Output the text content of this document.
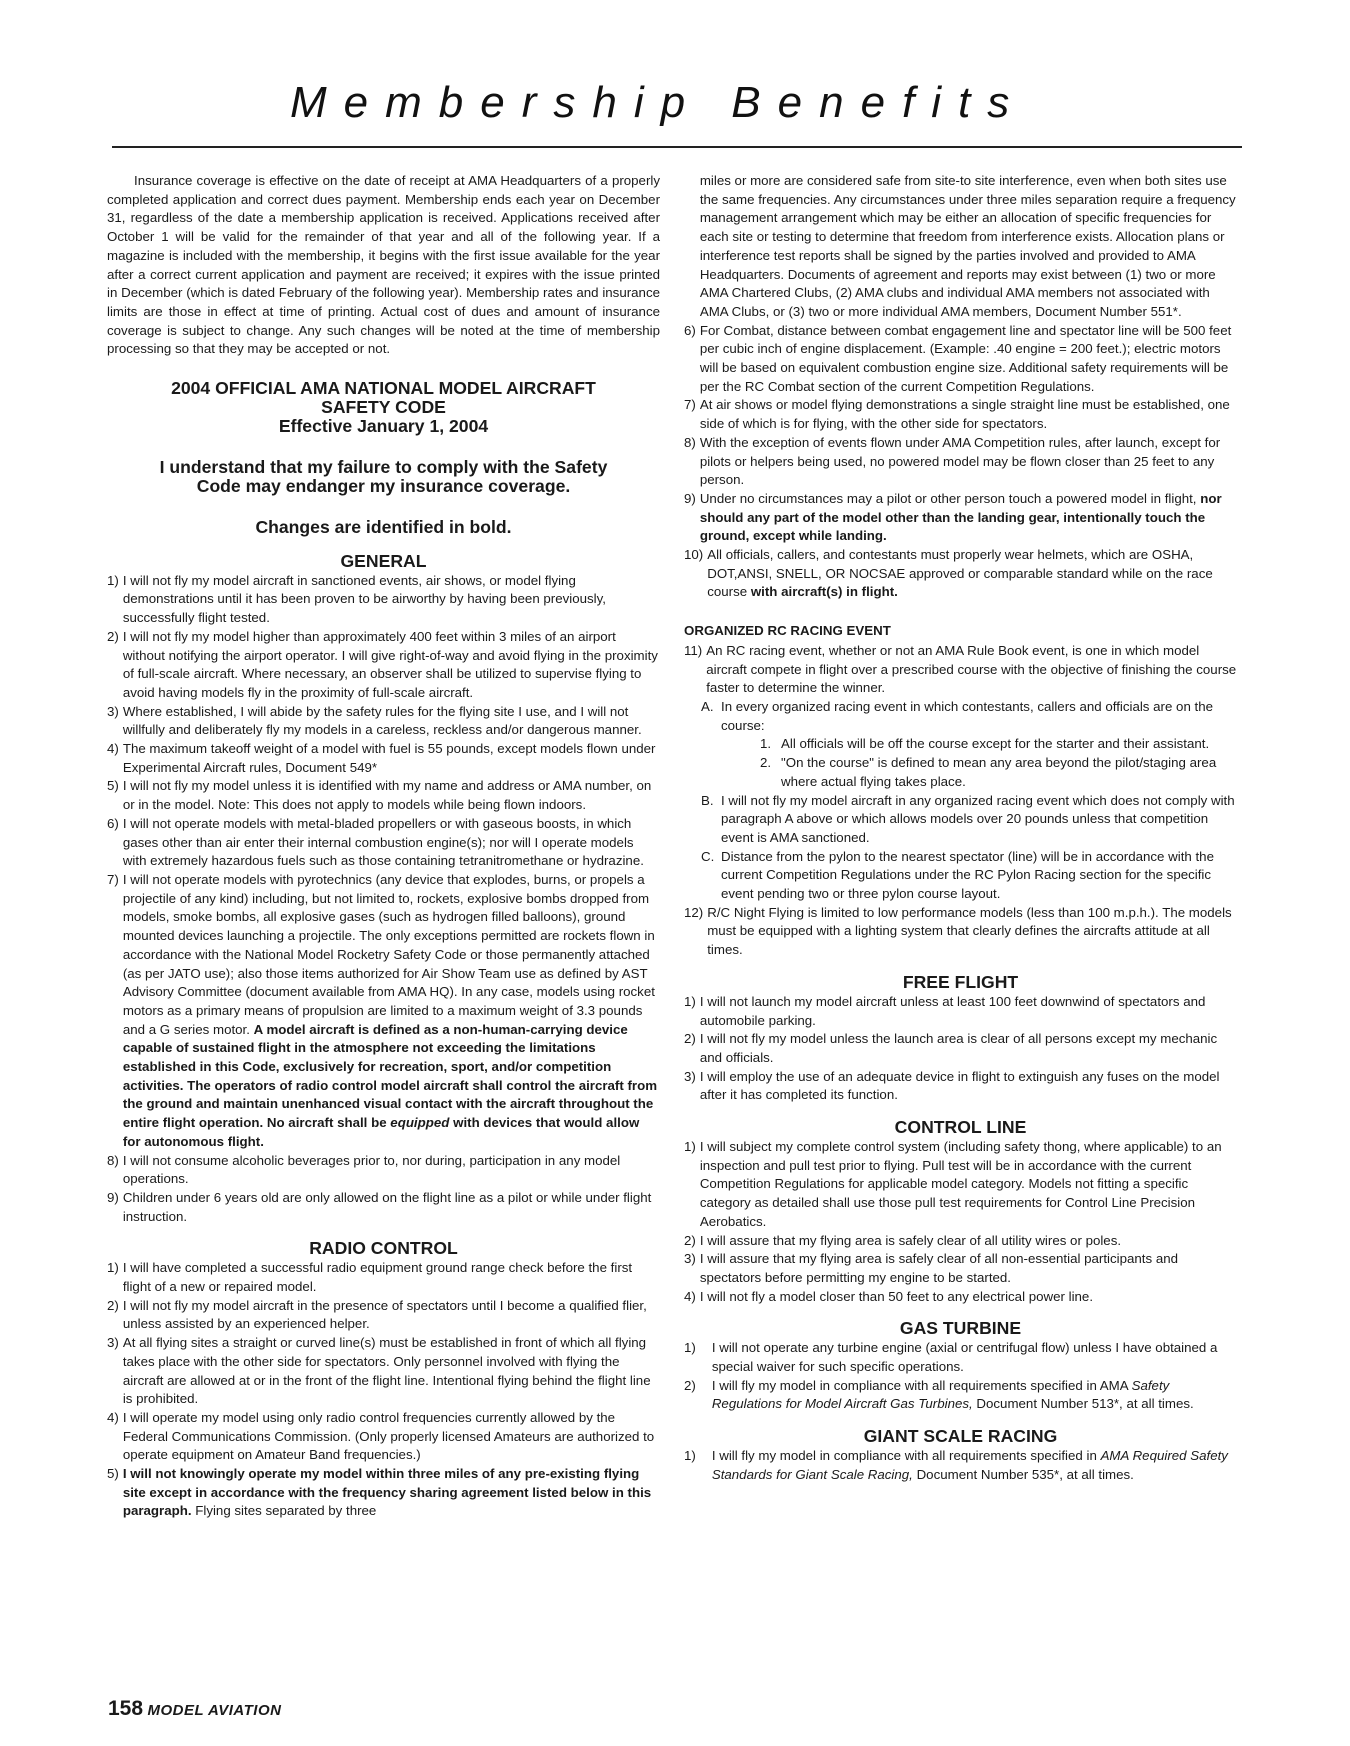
Membership Benefits

Insurance coverage is effective on the date of receipt at AMA Headquarters of a properly completed application and correct dues payment. Membership ends each year on December 31, regardless of the date a membership application is received. Applications received after October 1 will be valid for the remainder of that year and all of the following year. If a magazine is included with the membership, it begins with the first issue available for the year after a correct current application and payment are received; it expires with the issue printed in December (which is dated February of the following year). Membership rates and insurance limits are those in effect at time of printing. Actual cost of dues and amount of insurance coverage is subject to change. Any such changes will be noted at the time of membership processing so that they may be accepted or not.

2004 OFFICIAL AMA NATIONAL MODEL AIRCRAFT
SAFETY CODE
Effective January 1, 2004
I understand that my failure to comply with the Safety
Code may endanger my insurance coverage.
Changes are identified in bold.
GENERAL
1) I will not fly my model aircraft in sanctioned events, air shows, or model flying demonstrations until it has been proven to be airworthy by having been previously, successfully flight tested.
2) I will not fly my model higher than approximately 400 feet within 3 miles of an airport without notifying the airport operator. I will give right-of-way and avoid flying in the proximity of full-scale aircraft. Where necessary, an observer shall be utilized to supervise flying to avoid having models fly in the proximity of full-scale aircraft.
3) Where established, I will abide by the safety rules for the flying site I use, and I will not willfully and deliberately fly my models in a careless, reckless and/or dangerous manner.
4) The maximum takeoff weight of a model with fuel is 55 pounds, except models flown under Experimental Aircraft rules, Document 549*
5) I will not fly my model unless it is identified with my name and address or AMA number, on or in the model. Note: This does not apply to models while being flown indoors.
6) I will not operate models with metal-bladed propellers or with gaseous boosts, in which gases other than air enter their internal combustion engine(s); nor will I operate models with extremely hazardous fuels such as those containing tetranitromethane or hydrazine.
7) I will not operate models with pyrotechnics (any device that explodes, burns, or propels a projectile of any kind) including, but not limited to, rockets, explosive bombs dropped from models, smoke bombs, all explosive gases (such as hydrogen filled balloons), ground mounted devices launching a projectile. The only exceptions permitted are rockets flown in accordance with the National Model Rocketry Safety Code or those permanently attached (as per JATO use); also those items authorized for Air Show Team use as defined by AST Advisory Committee (document available from AMA HQ). In any case, models using rocket motors as a primary means of propulsion are limited to a maximum weight of 3.3 pounds and a G series motor. A model aircraft is defined as a non-human-carrying device capable of sustained flight in the atmosphere not exceeding the limitations established in this Code, exclusively for recreation, sport, and/or competition activities. The operators of radio control model aircraft shall control the aircraft from the ground and maintain unenhanced visual contact with the aircraft throughout the entire flight operation. No aircraft shall be equipped with devices that would allow for autonomous flight.
8) I will not consume alcoholic beverages prior to, nor during, participation in any model operations.
9) Children under 6 years old are only allowed on the flight line as a pilot or while under flight instruction.
RADIO CONTROL
1) I will have completed a successful radio equipment ground range check before the first flight of a new or repaired model.
2) I will not fly my model aircraft in the presence of spectators until I become a qualified flier, unless assisted by an experienced helper.
3) At all flying sites a straight or curved line(s) must be established in front of which all flying takes place with the other side for spectators. Only personnel involved with flying the aircraft are allowed at or in the front of the flight line. Intentional flying behind the flight line is prohibited.
4) I will operate my model using only radio control frequencies currently allowed by the Federal Communications Commission. (Only properly licensed Amateurs are authorized to operate equipment on Amateur Band frequencies.)
5) I will not knowingly operate my model within three miles of any pre-existing flying site except in accordance with the frequency sharing agreement listed below in this paragraph. Flying sites separated by three
miles or more are considered safe from site-to site interference, even when both sites use the same frequencies. Any circumstances under three miles separation require a frequency management arrangement which may be either an allocation of specific frequencies for each site or testing to determine that freedom from interference exists. Allocation plans or interference test reports shall be signed by the parties involved and provided to AMA Headquarters. Documents of agreement and reports may exist between (1) two or more AMA Chartered Clubs, (2) AMA clubs and individual AMA members not associated with AMA Clubs, or (3) two or more individual AMA members, Document Number 551*.
6) For Combat, distance between combat engagement line and spectator line will be 500 feet per cubic inch of engine displacement. (Example: .40 engine = 200 feet.); electric motors will be based on equivalent combustion engine size. Additional safety requirements will be per the RC Combat section of the current Competition Regulations.
7) At air shows or model flying demonstrations a single straight line must be established, one side of which is for flying, with the other side for spectators.
8) With the exception of events flown under AMA Competition rules, after launch, except for pilots or helpers being used, no powered model may be flown closer than 25 feet to any person.
9) Under no circumstances may a pilot or other person touch a powered model in flight, nor should any part of the model other than the landing gear, intentionally touch the ground, except while landing.
10) All officials, callers, and contestants must properly wear helmets, which are OSHA, DOT,ANSI, SNELL, OR NOCSAE approved or comparable standard while on the race course with aircraft(s) in flight.
ORGANIZED RC RACING EVENT
11) An RC racing event, whether or not an AMA Rule Book event, is one in which model aircraft compete in flight over a prescribed course with the objective of finishing the course faster to determine the winner.
A. In every organized racing event in which contestants, callers and officials are on the course:
1. All officials will be off the course except for the starter and their assistant.
2. "On the course" is defined to mean any area beyond the pilot/staging area where actual flying takes place.
B. I will not fly my model aircraft in any organized racing event which does not comply with paragraph A above or which allows models over 20 pounds unless that competition event is AMA sanctioned.
C. Distance from the pylon to the nearest spectator (line) will be in accordance with the current Competition Regulations under the RC Pylon Racing section for the specific event pending two or three pylon course layout.
12) R/C Night Flying is limited to low performance models (less than 100 m.p.h.). The models must be equipped with a lighting system that clearly defines the aircrafts attitude at all times.
FREE FLIGHT
1) I will not launch my model aircraft unless at least 100 feet downwind of spectators and automobile parking.
2) I will not fly my model unless the launch area is clear of all persons except my mechanic and officials.
3) I will employ the use of an adequate device in flight to extinguish any fuses on the model after it has completed its function.
CONTROL LINE
1) I will subject my complete control system (including safety thong, where applicable) to an inspection and pull test prior to flying. Pull test will be in accordance with the current Competition Regulations for applicable model category. Models not fitting a specific category as detailed shall use those pull test requirements for Control Line Precision Aerobatics.
2) I will assure that my flying area is safely clear of all utility wires or poles.
3) I will assure that my flying area is safely clear of all non-essential participants and spectators before permitting my engine to be started.
4) I will not fly a model closer than 50 feet to any electrical power line.
GAS TURBINE
1)	I will not operate any turbine engine (axial or centrifugal flow) unless I have obtained a special waiver for such specific operations.
2)	I will fly my model in compliance with all requirements specified in AMA Safety Regulations for Model Aircraft Gas Turbines, Document Number 513*, at all times.
GIANT SCALE RACING
1)	I will fly my model in compliance with all requirements specified in AMA Required Safety Standards for Giant Scale Racing, Document Number 535*, at all times.
158 MODEL AVIATION
